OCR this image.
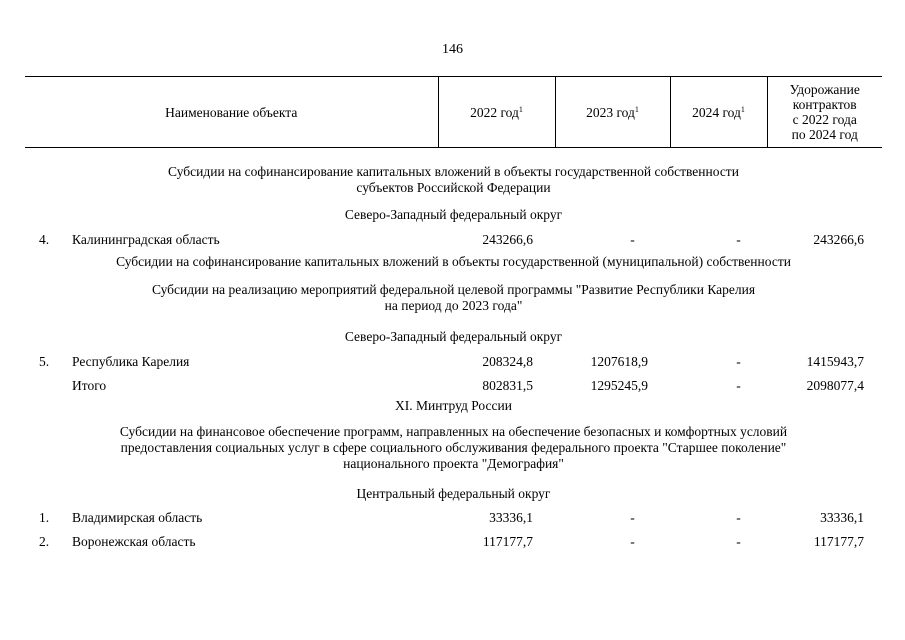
146
Наименование объекта		2022 год$^1$	2023 год$^1$	2024 год$^1$	Удорожание
контрактов
с 2022 года
по 2024 год

Субсидии на софинансирование капитальных вложений в объекты государственной собственности
субъектов Российской Федерации					

Северо-Западный федеральный округ					
4.	Калининградская область	243266,6	-	-	243266,6
Субсидии на софинансирование капитальных вложений в объекты государственной (муниципальной) собственности					

Субсидии на реализацию мероприятий федеральной целевой программы "Развитие Республики Карелия
на период до 2023 года"					

Северо-Западный федеральный округ					
5.	Республика Карелия	208324,8	1207618,9	-	1415943,7
	Итого	802831,5	1295245,9	-	2098077,4
XI. Минтруд России					

Субсидии на финансовое обеспечение программ, направленных на обеспечение безопасных и комфортных условий
предоставления социальных услуг в сфере социального обслуживания федерального проекта "Старшее поколение"
национального проекта "Демография"					

Центральный федеральный округ					
1.	Владимирская область	33336,1	-	-	33336,1
2.	Воронежская область	117177,7	-	-	117177,7
